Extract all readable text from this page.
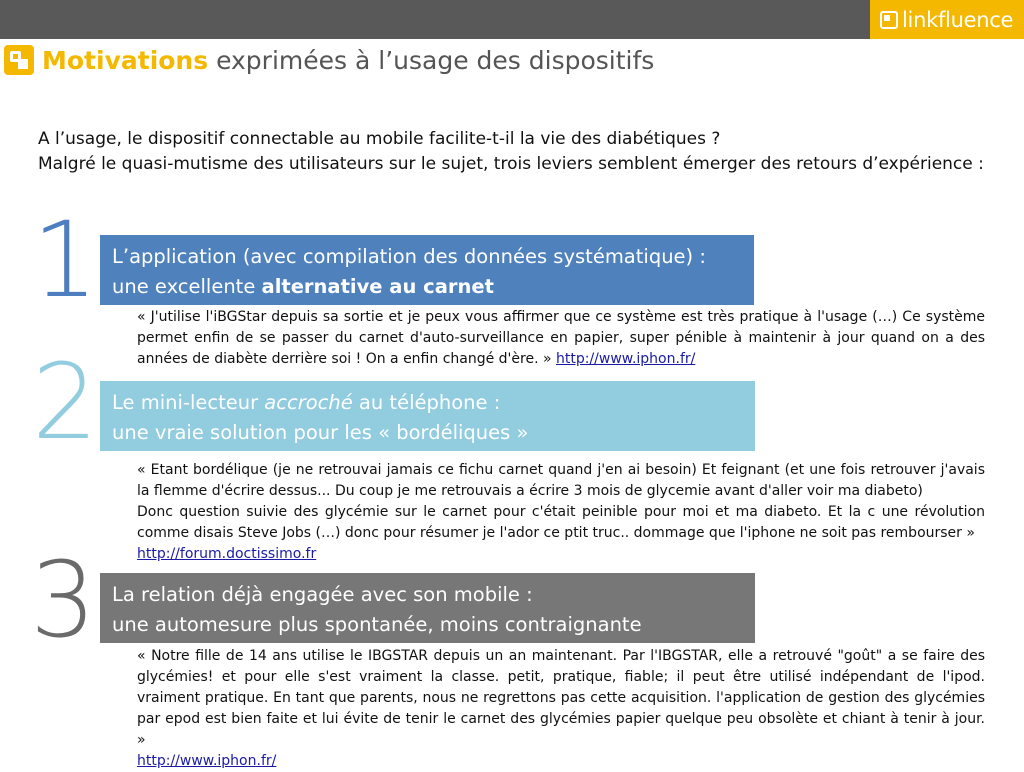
linkfluence
Motivations exprimées à l’usage des dispositifs

A l’usage, le dispositif connectable au mobile facilite-t-il la vie des diabétiques ?

Malgré le quasi-mutisme des utilisateurs sur le sujet, trois leviers semblent émerger des retours d’expérience :

1 L’application (avec compilation des données systématique) :

une excellente alternative au carnet

« J'utilise l'iBGStar depuis sa sortie et je peux vous affirmer que ce système est très pratique à l'usage (…) Ce système permet enfin de se passer du carnet d'auto-surveillance en papier, super pénible à maintenir à jour quand on a des années de diabète derrière soi ! On a enfin changé d'ère. » http://www.iphon.fr/

2 Le mini-lecteur accroché au téléphone :

une vraie solution pour les « bordéliques »

« Etant bordélique (je ne retrouvai jamais ce fichu carnet quand j'en ai besoin) Et feignant (et une fois retrouver j'avais la flemme d'écrire dessus... Du coup je me retrouvais a écrire 3 mois de glycemie avant d'aller voir ma diabeto)

Donc question suivie des glycémie sur le carnet pour c'était peinible pour moi et ma diabeto. Et la c une révolution comme disais Steve Jobs (…) donc pour résumer je l'ador ce ptit truc.. dommage que l'iphone ne soit pas rembourser »

http://forum.doctissimo.fr

3 La relation déjà engagée avec son mobile :

une automesure plus spontanée, moins contraignante

« Notre fille de 14 ans utilise le IBGSTAR depuis un an maintenant. Par l'IBGSTAR, elle a retrouvé "goût" a se faire des glycémies! et pour elle s'est vraiment la classe. petit, pratique, fiable; il peut être utilisé indépendant de l'ipod. vraiment pratique. En tant que parents, nous ne regrettons pas cette acquisition. l'application de gestion des glycémies par epod est bien faite et lui évite de tenir le carnet des glycémies papier quelque peu obsolète et chiant à tenir à jour. »

http://www.iphon.fr/
